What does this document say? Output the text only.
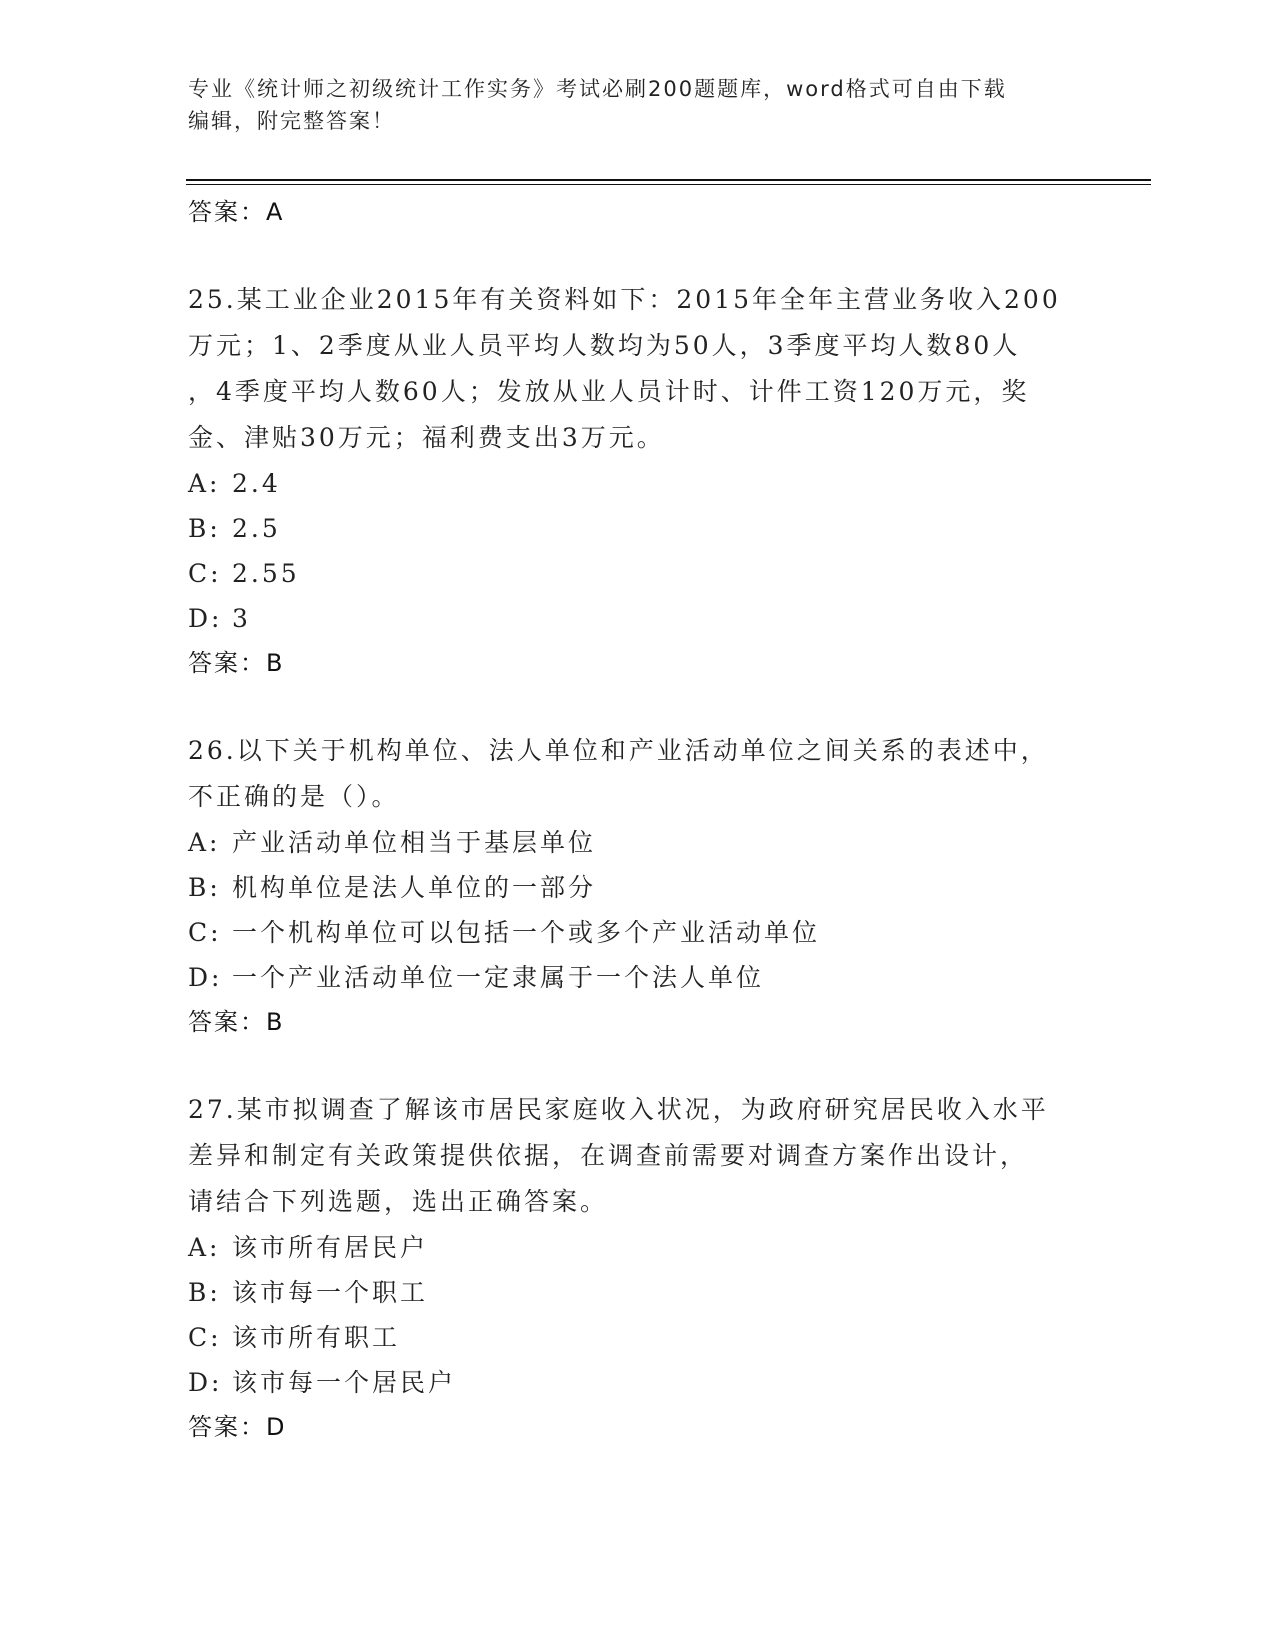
专业《统计师之初级统计工作实务》考试必刷200题题库，word格式可自由下载
编辑，附完整答案！
答案：A
25.某工业企业2015年有关资料如下：2015年全年主营业务收入200
万元；1、2季度从业人员平均人数均为50人，3季度平均人数80人
，4季度平均人数60人；发放从业人员计时、计件工资120万元，奖
金、津贴30万元；福利费支出3万元。
A: 2.4
B: 2.5
C: 2.55
D: 3
答案：B
26.以下关于机构单位、法人单位和产业活动单位之间关系的表述中，
不正确的是（）。
A: 产业活动单位相当于基层单位
B: 机构单位是法人单位的一部分
C: 一个机构单位可以包括一个或多个产业活动单位
D: 一个产业活动单位一定隶属于一个法人单位
答案：B
27.某市拟调查了解该市居民家庭收入状况，为政府研究居民收入水平
差异和制定有关政策提供依据，在调查前需要对调查方案作出设计，
请结合下列选题，选出正确答案。
A: 该市所有居民户
B: 该市每一个职工
C: 该市所有职工
D: 该市每一个居民户
答案：D
